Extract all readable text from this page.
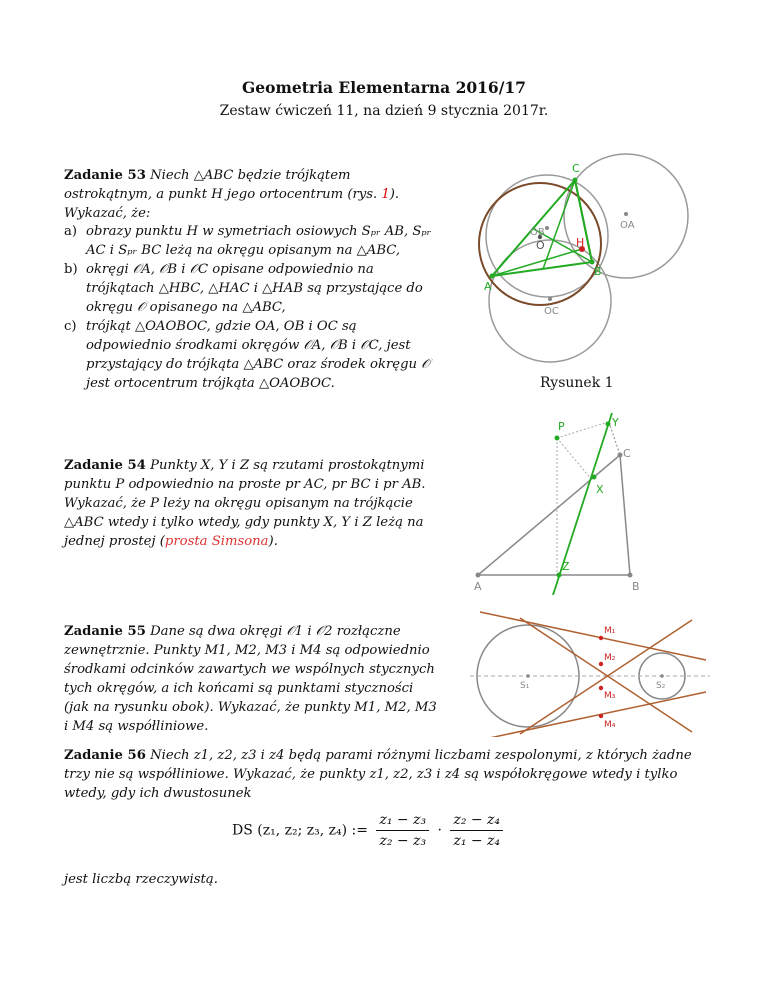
Geometria Elementarna 2016/17
Zestaw ćwiczeń 11, na dzień 9 stycznia 2017r.
Zadanie 53 Niech △ABC będzie trójkątem ostrokątnym, a punkt H jego ortocentrum (rys. 1). Wykazać, że:
a) obrazy punktu H w symetriach osiowych Sₚᵣ AB, Sₚᵣ AC i Sₚᵣ BC leżą na okręgu opisanym na △ABC,
b) okręgi 𝒪A, 𝒪B i 𝒪C opisane odpowiednio na trójkątach △HBC, △HAC i △HAB są przystające do okręgu 𝒪 opisanego na △ABC,
c) trójkąt △OAOBOC, gdzie OA, OB i OC są odpowiednio środkami okręgów 𝒪A, 𝒪B i 𝒪C, jest przystający do trójkąta △ABC oraz środek okręgu 𝒪 jest ortocentrum trójkąta △OAOBOC.
C
OA
OB
O	H
B
A
OC
Rysunek 1
Zadanie 54 Punkty X, Y i Z są rzutami prostokątnymi punktu P odpowiednio na proste pr AC, pr BC i pr AB. Wykazać, że P leży na okręgu opisanym na trójkącie △ABC wtedy i tylko wtedy, gdy punkty X, Y i Z leżą na jednej prostej (prosta Simsona).
P	Y
C
X
Z
A	B
Zadanie 55 Dane są dwa okręgi 𝒪1 i 𝒪2 rozłączne zewnętrznie. Punkty M1, M2, M3 i M4 są odpowiednio środkami odcinków zawartych we wspólnych stycznych tych okręgów, a ich końcami są punktami styczności (jak na rysunku obok). Wykazać, że punkty M1, M2, M3 i M4 są współliniowe.
M₁
M₂
M₃
M₄
S₁	S₂
Zadanie 56 Niech z1, z2, z3 i z4 będą parami różnymi liczbami zespolonymi, z których żadne trzy nie są współliniowe. Wykazać, że punkty z1, z2, z3 i z4 są współokręgowe wtedy i tylko wtedy, gdy ich dwustosunek
DS (z₁, z₂; z₃, z₄) := $\frac{\text{z₁ − z₃}}{\text{z₂ − z₃}} \cdot \frac{\text{z₂ − z₄}}{\text{z₁ − z₄}}$
jest liczbą rzeczywistą.
